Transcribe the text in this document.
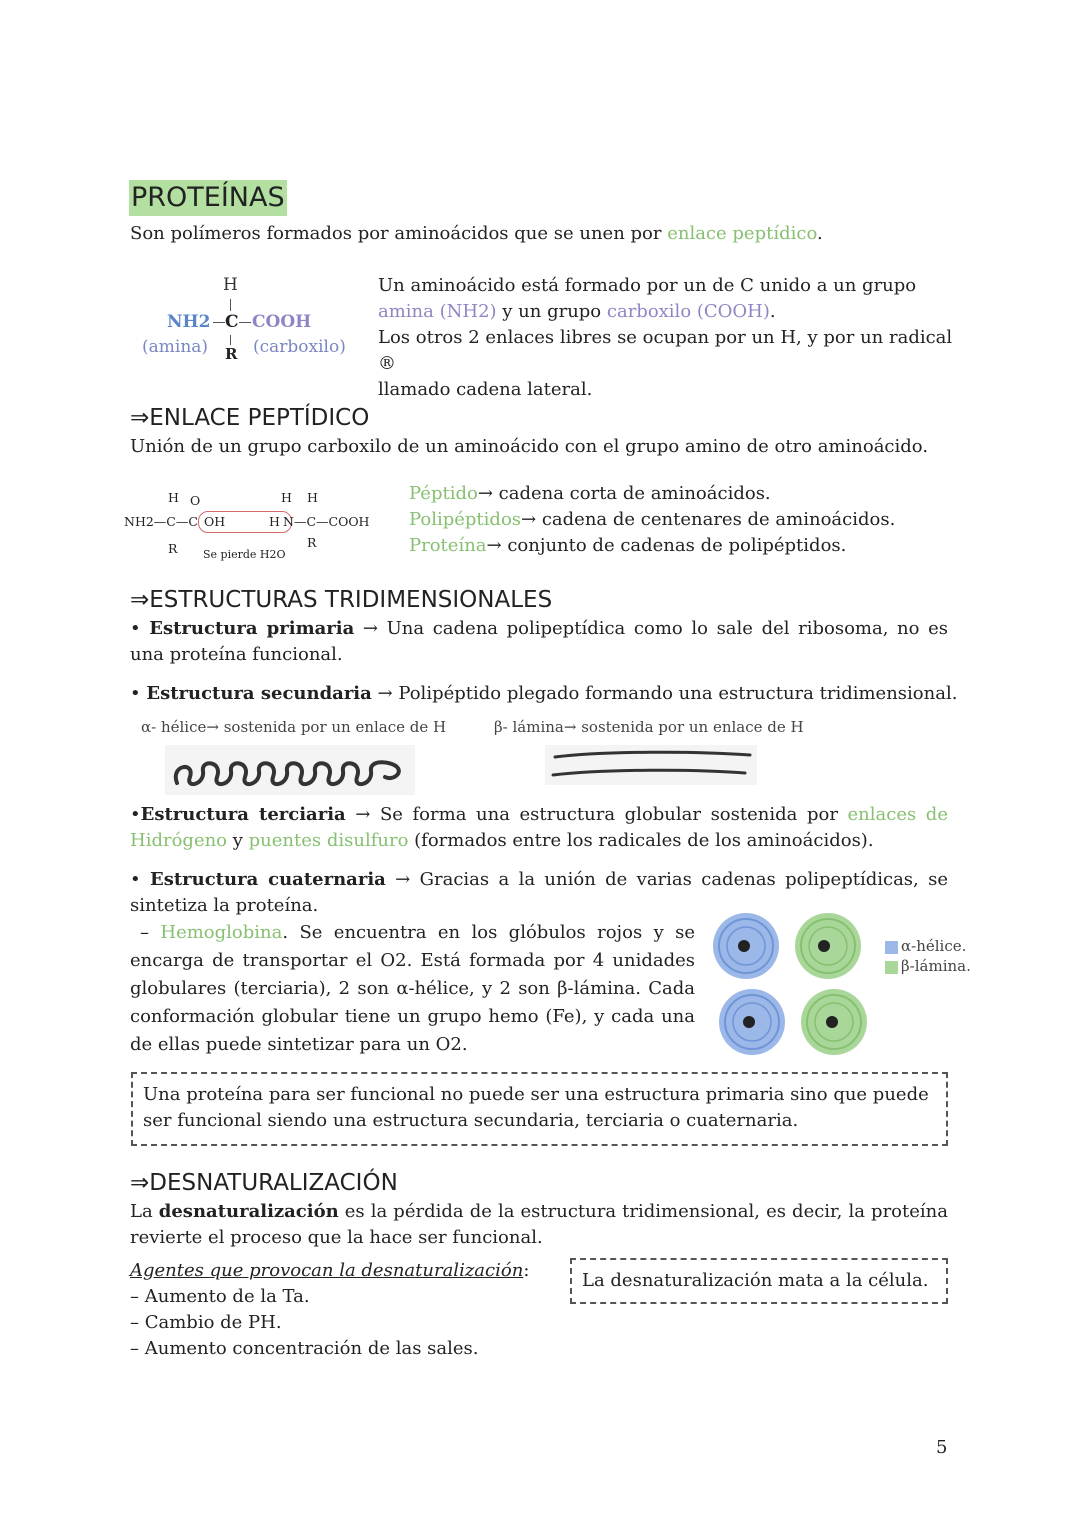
PROTEÍNAS
Son polímeros formados por aminoácidos que se unen por enlace peptídico.
H
NH2 C COOH
(amina) R (carboxilo)
Un aminoácido está formado por un de C unido a un grupo
amina (NH2) y un grupo carboxilo (COOH).
Los otros 2 enlaces libres se ocupan por un H, y por un radical ®
llamado cadena lateral.
⇒ENLACE PEPTÍDICO
Unión de un grupo carboxilo de un aminoácido con el grupo amino de otro aminoácido.
H O
NH2—C—C OH	H N—C—COOH
H H
R	R
Se pierde H2O
Péptido→ cadena corta de aminoácidos.
Polipéptidos→ cadena de centenares de aminoácidos.
Proteína→ conjunto de cadenas de polipéptidos.
⇒ESTRUCTURAS TRIDIMENSIONALES
• Estructura primaria → Una cadena polipeptídica como lo sale del ribosoma, no es una proteína funcional.
• Estructura secundaria → Polipéptido plegado formando una estructura tridimensional.
α- hélice→ sostenida por un enlace de H	β- lámina→ sostenida por un enlace de H
•Estructura terciaria → Se forma una estructura globular sostenida por enlaces de Hidrógeno y puentes disulfuro (formados entre los radicales de los aminoácidos).
• Estructura cuaternaria → Gracias a la unión de varias cadenas polipeptídicas, se sintetiza la proteína.
– Hemoglobina. Se encuentra en los glóbulos rojos y se encarga de transportar el O2. Está formada por 4 unidades globulares (terciaria), 2 son α-hélice, y 2 son β-lámina. Cada conformación globular tiene un grupo hemo (Fe), y cada una de ellas puede sintetizar para un O2.
α-hélice.
β-lámina.
Una proteína para ser funcional no puede ser una estructura primaria sino que puede ser funcional siendo una estructura secundaria, terciaria o cuaternaria.
⇒DESNATURALIZACIÓN
La desnaturalización es la pérdida de la estructura tridimensional, es decir, la proteína revierte el proceso que la hace ser funcional.
Agentes que provocan la desnaturalización:
– Aumento de la Ta.
– Cambio de PH.
– Aumento concentración de las sales.
La desnaturalización mata a la célula.
5
